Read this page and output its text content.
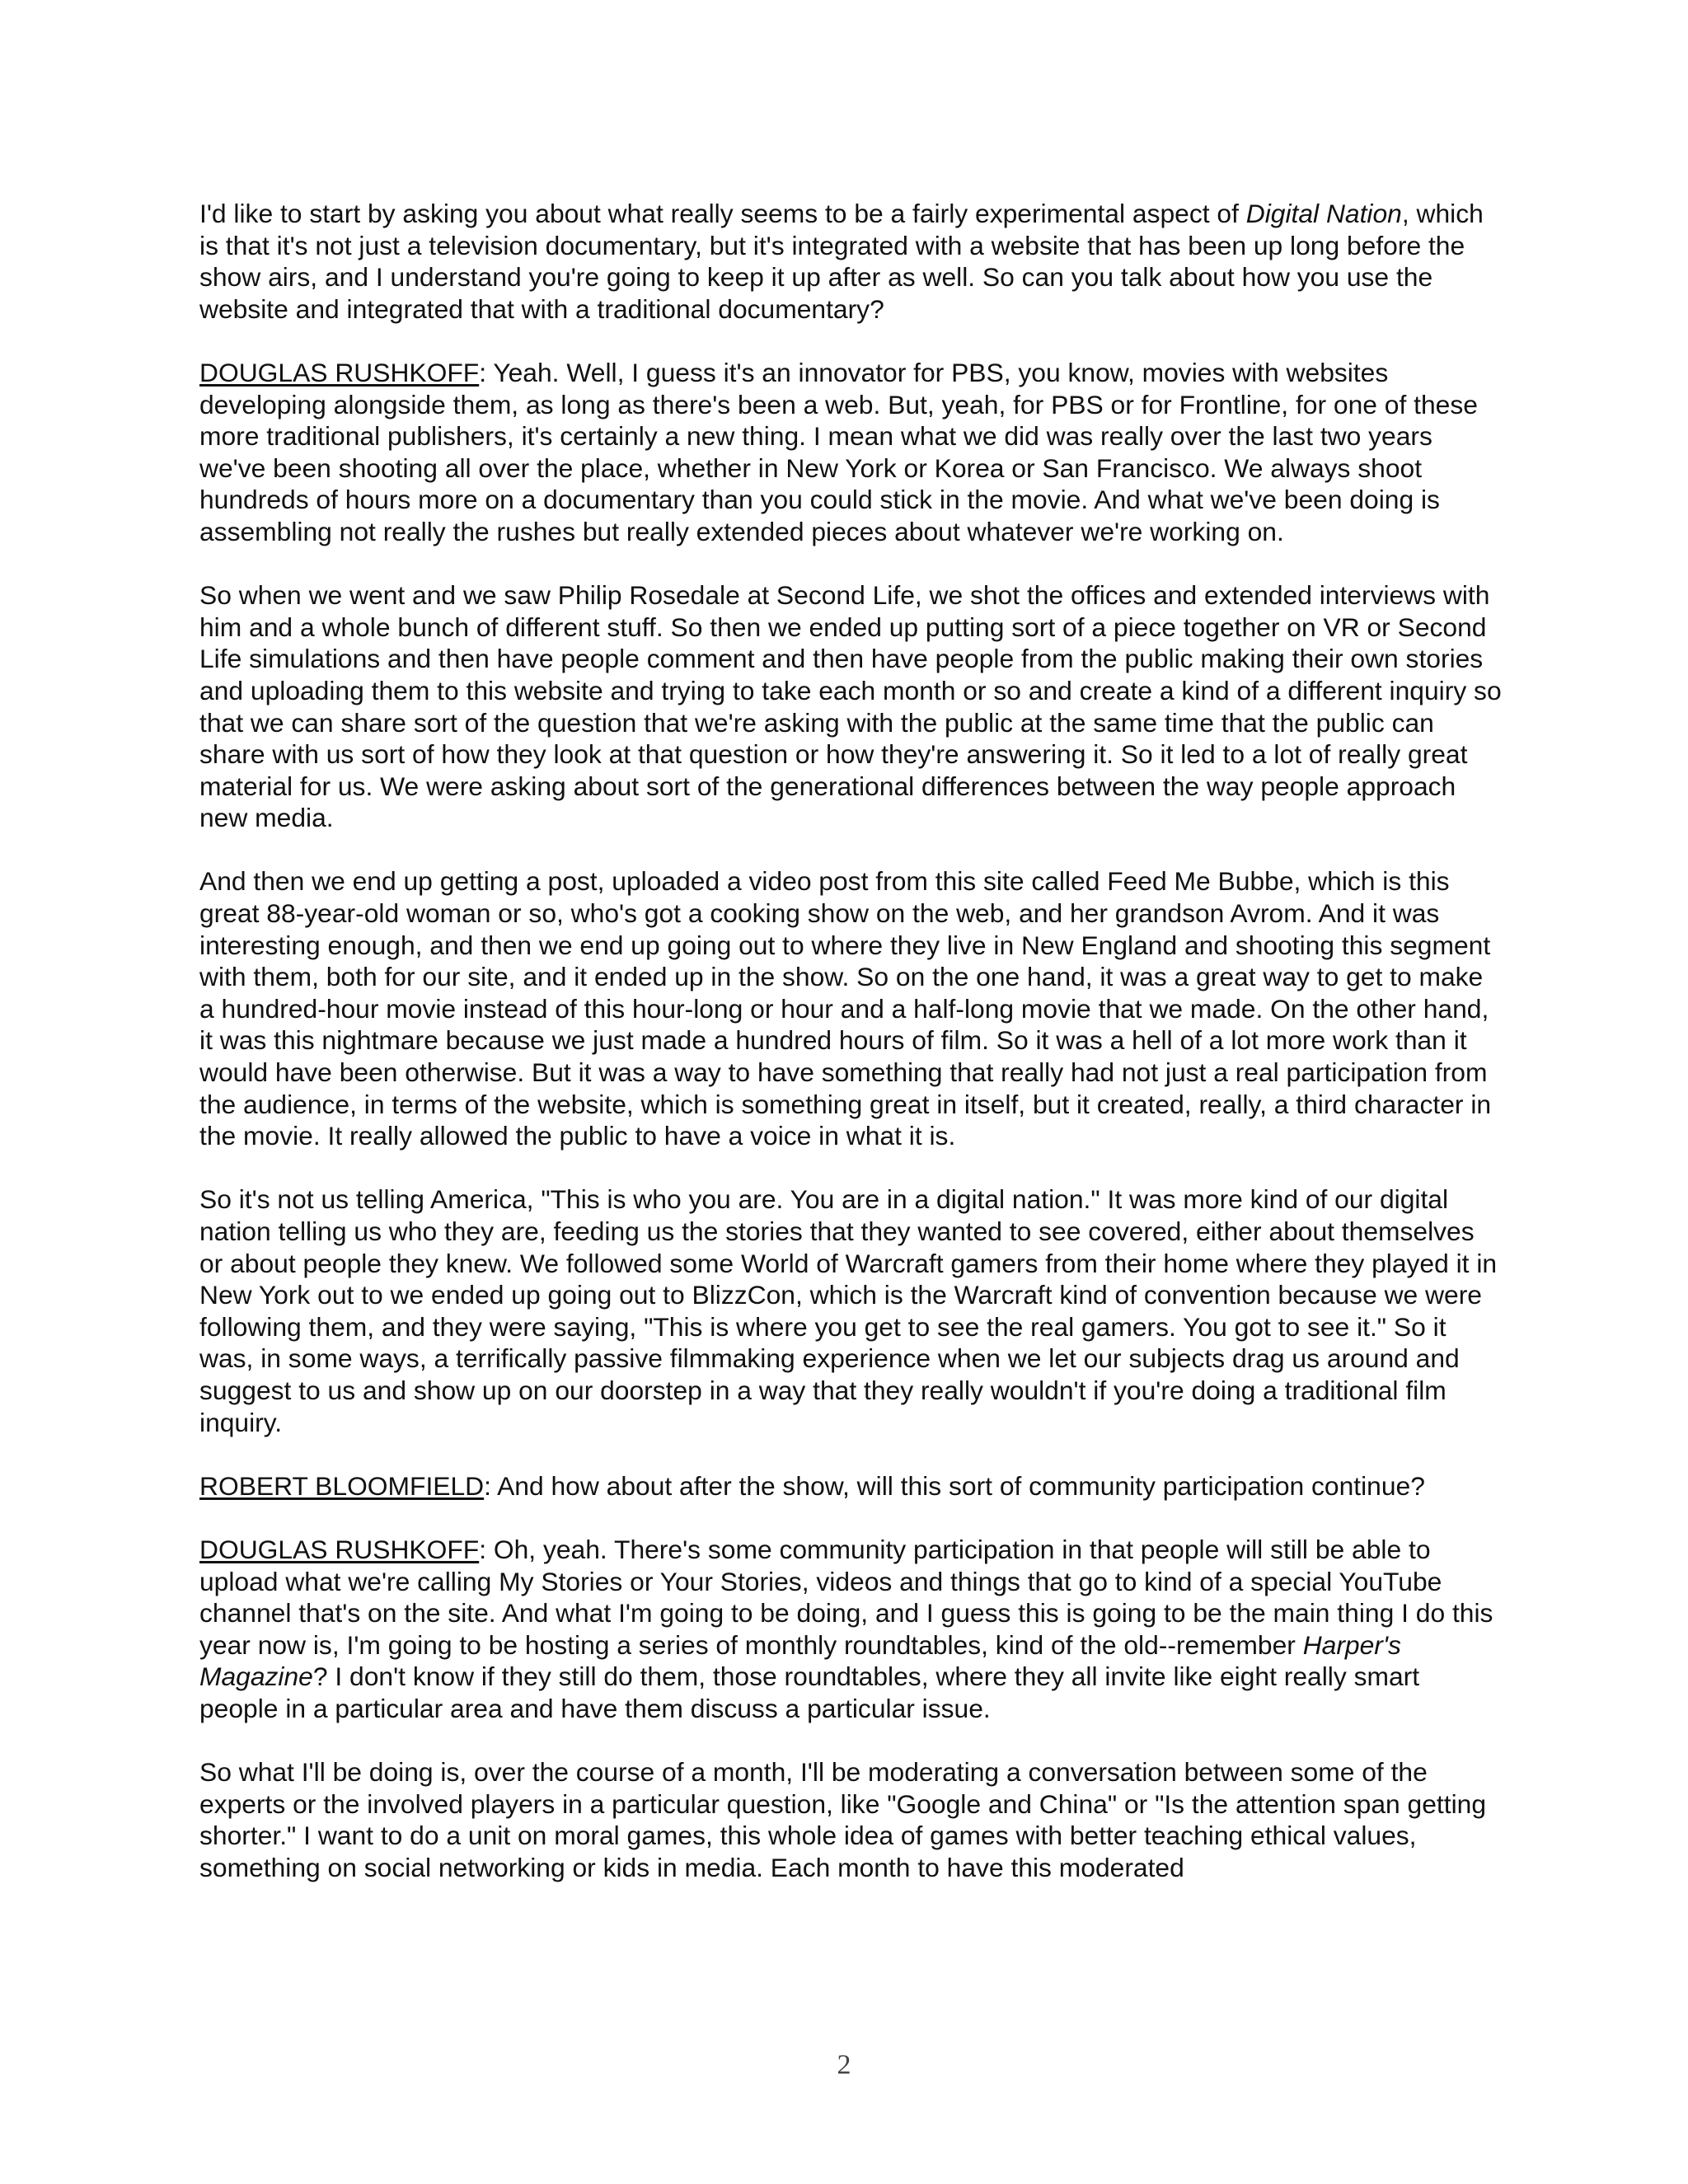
I'd like to start by asking you about what really seems to be a fairly experimental aspect of Digital Nation, which is that it's not just a television documentary, but it's integrated with a website that has been up long before the show airs, and I understand you're going to keep it up after as well. So can you talk about how you use the website and integrated that with a traditional documentary?

DOUGLAS RUSHKOFF: Yeah. Well, I guess it's an innovator for PBS, you know, movies with websites developing alongside them, as long as there's been a web. But, yeah, for PBS or for Frontline, for one of these more traditional publishers, it's certainly a new thing. I mean what we did was really over the last two years we've been shooting all over the place, whether in New York or Korea or San Francisco. We always shoot hundreds of hours more on a documentary than you could stick in the movie. And what we've been doing is assembling not really the rushes but really extended pieces about whatever we're working on.

So when we went and we saw Philip Rosedale at Second Life, we shot the offices and extended interviews with him and a whole bunch of different stuff. So then we ended up putting sort of a piece together on VR or Second Life simulations and then have people comment and then have people from the public making their own stories and uploading them to this website and trying to take each month or so and create a kind of a different inquiry so that we can share sort of the question that we're asking with the public at the same time that the public can share with us sort of how they look at that question or how they're answering it. So it led to a lot of really great material for us. We were asking about sort of the generational differences between the way people approach new media.

And then we end up getting a post, uploaded a video post from this site called Feed Me Bubbe, which is this great 88-year-old woman or so, who's got a cooking show on the web, and her grandson Avrom. And it was interesting enough, and then we end up going out to where they live in New England and shooting this segment with them, both for our site, and it ended up in the show. So on the one hand, it was a great way to get to make a hundred-hour movie instead of this hour-long or hour and a half-long movie that we made. On the other hand, it was this nightmare because we just made a hundred hours of film. So it was a hell of a lot more work than it would have been otherwise. But it was a way to have something that really had not just a real participation from the audience, in terms of the website, which is something great in itself, but it created, really, a third character in the movie. It really allowed the public to have a voice in what it is.

So it's not us telling America, "This is who you are. You are in a digital nation." It was more kind of our digital nation telling us who they are, feeding us the stories that they wanted to see covered, either about themselves or about people they knew. We followed some World of Warcraft gamers from their home where they played it in New York out to we ended up going out to BlizzCon, which is the Warcraft kind of convention because we were following them, and they were saying, "This is where you get to see the real gamers. You got to see it." So it was, in some ways, a terrifically passive filmmaking experience when we let our subjects drag us around and suggest to us and show up on our doorstep in a way that they really wouldn't if you're doing a traditional film inquiry.

ROBERT BLOOMFIELD: And how about after the show, will this sort of community participation continue?

DOUGLAS RUSHKOFF: Oh, yeah. There's some community participation in that people will still be able to upload what we're calling My Stories or Your Stories, videos and things that go to kind of a special YouTube channel that's on the site. And what I'm going to be doing, and I guess this is going to be the main thing I do this year now is, I'm going to be hosting a series of monthly roundtables, kind of the old--remember Harper's Magazine? I don't know if they still do them, those roundtables, where they all invite like eight really smart people in a particular area and have them discuss a particular issue.

So what I'll be doing is, over the course of a month, I'll be moderating a conversation between some of the experts or the involved players in a particular question, like "Google and China" or "Is the attention span getting shorter." I want to do a unit on moral games, this whole idea of games with better teaching ethical values, something on social networking or kids in media. Each month to have this moderated

2
